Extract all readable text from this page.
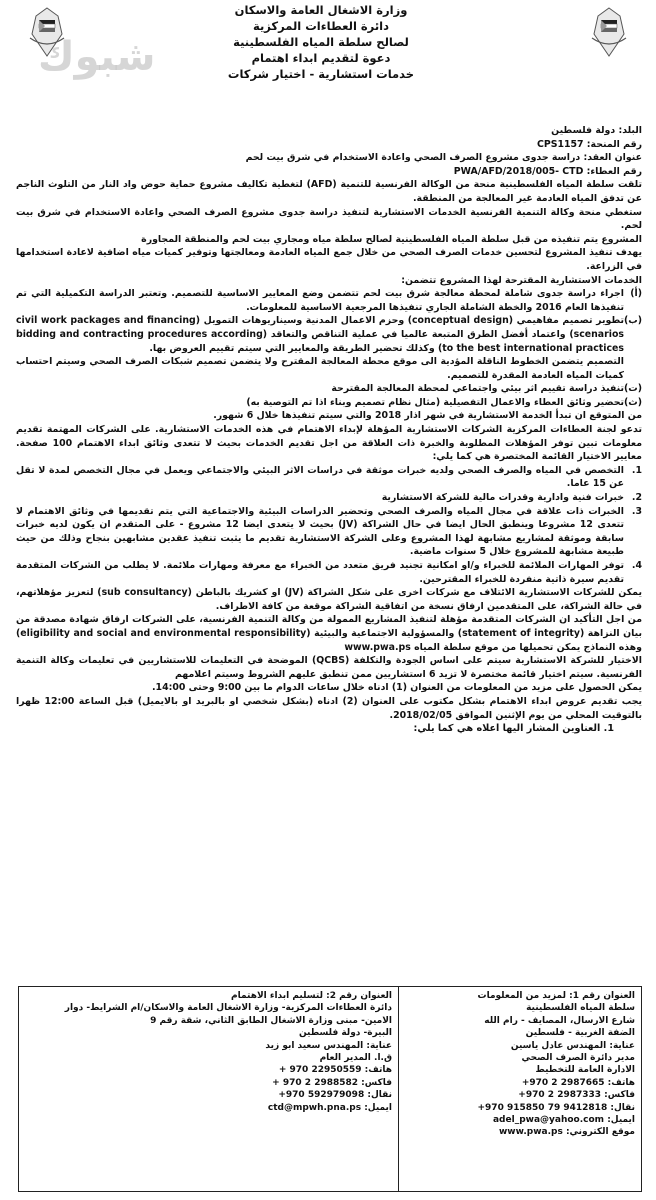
شبوك
وزارة الاشغال العامة والاسكان
دائرة العطاءات المركزية
لصالح سلطة المياه الفلسطينية
دعوة لتقديم ابداء اهتمام
خدمات استشارية - اختيار شركات

البلد: دولة فلسطين

رقم المنحة: CPS1157

عنوان العقد: دراسة جدوى مشروع الصرف الصحي واعادة الاستخدام في شرق بيت لحم

رقم العطاء: PWA/AFD/2018/005- CTD

تلقت سلطة المياه الفلسطينية منحة من الوكالة الفرنسية للتنمية (AFD) لتغطية تكاليف مشروع حماية حوض واد النار من التلوث الناجم عن تدفق المياه العادمة غير المعالجة من المنطقة.

ستغطي منحة وكالة التنمية الفرنسية الخدمات الاستشارية لتنفيذ دراسة جدوى مشروع الصرف الصحي واعادة الاستخدام في شرق بيت لحم.

المشروع يتم تنفيذه من قبل سلطة المياه الفلسطينية لصالح سلطة مياه ومجاري بيت لحم والمنطقة المجاورة

يهدف تنفيذ المشروع لتحسين خدمات الصرف الصحي من خلال جمع المياه العادمة ومعالجتها وتوفير كميات مياه اضافية لاعادة استخدامها في الزراعة.

الخدمات الاستشارية المقترحة لهذا المشروع تتضمن:

(أ)
اجراء دراسة جدوى شاملة لمحطة معالجة شرق بيت لحم تتضمن وضع المعايير الاساسية للتصميم. وتعتبر الدراسة التكميلية التي تم تنفيذها العام 2016 والخطة الشاملة الجاري تنفيذها المرجعية الاساسية للمعلومات.
(ب)
تطوير تصميم مفاهيمي (conceptual design) وحزم الاعمال المدنية وسيناريوهات التمويل (civil work packages and financing scenarios) واعتماد أفضل الطرق المتبعة عالميا في عملية التناقص والتعاقد (bidding and contracting procedures according to the best international practices) وكذلك تحضير الطريقة والمعايير التي سيتم تقييم العروض بها.
التصميم يتضمن الخطوط الناقلة المؤدية الى موقع محطة المعالجة المقترح ولا يتضمن تصميم شبكات الصرف الصحي وسيتم احتساب كميات المياه العادمة المقدرة للتصميم.
(ت)
تنفيذ دراسة تقييم اثر بيئي واجتماعي لمحطة المعالجة المقترحة
(ث)
تحضير وثائق العطاء والاعمال التفصيلية (مثال نظام تصميم وبناء اذا تم التوصية به)

من المتوقع ان تبدأ الخدمة الاستشارية في شهر اذار 2018 والتي سيتم تنفيذها خلال 6 شهور.

تدعو لجنة العطاءات المركزية الشركات الاستشارية المؤهلة لإبداء الاهتمام في هذه الخدمات الاستشارية. على الشركات المهتمة تقديم معلومات تبين توفر المؤهلات المطلوبة والخبرة ذات العلاقة من اجل تقديم الخدمات بحيث لا تتعدى وثائق ابداء الاهتمام 100 صفحة. معايير الاختيار القائمة المختصرة هي كما يلي:

1.
التخصص في المياه والصرف الصحي ولديه خبرات موثقة في دراسات الاثر البيئي والاجتماعي ويعمل في مجال التخصص لمدة لا تقل عن 15 عاما.
2.
خبرات فنية وادارية وقدرات مالية للشركة الاستشارية
3.
الخبرات ذات علاقة في مجال المياه والصرف الصحي وتحضير الدراسات البيئية والاجتماعية التي يتم تقديمها في وثائق الاهتمام لا تتعدى 12 مشروعا وينطبق الحال ايضا في حال الشراكة (JV) بحيث لا يتعدى ايضا 12 مشروع - على المتقدم ان يكون لديه خبرات سابقة وموثقة لمشاريع مشابهة لهذا المشروع وعلى الشركة الاستشارية تقديم ما يثبت تنفيذ عقدين مشابهين بنجاح وذلك من حيث طبيعة مشابهة للمشروع خلال 5 سنوات ماضية.
4.
توفر المهارات الملائمة للخبراء و/او امكانية تجنيد فريق متعدد من الخبراء مع معرفة ومهارات ملائمة. لا يطلب من الشركات المتقدمة تقديم سيرة ذاتية منفردة للخبراء المقترحين.

يمكن للشركات الاستشارية الائتلاف مع شركات اخرى على شكل الشراكة (JV) او كشريك بالباطن (sub consultancy) لتعزيز مؤهلاتهم، في حالة الشراكة، على المتقدمين ارفاق نسخة من اتفاقية الشراكة موقعة من كافة الاطراف.

من اجل التأكيد ان الشركات المتقدمة مؤهلة لتنفيذ المشاريع الممولة من وكالة التنمية الفرنسية، على الشركات ارفاق شهادة مصدقة من بيان النزاهة (statement of integrity) والمسؤولية الاجتماعية والبيئية (eligibility and social and environmental responsibility) وهذه النماذج يمكن تحميلها من موقع سلطة المياه www.pwa.ps

الاختيار للشركة الاستشارية سيتم على اساس الجودة والتكلفة (QCBS) الموضحة في التعليمات للاستشاريين في تعليمات وكالة التنمية الفرنسية. سيتم اختيار قائمة مختصرة لا تزيد 6 استشاريين ممن تنطبق عليهم الشروط وسيتم اعلامهم

يمكن الحصول على مزيد من المعلومات من العنوان (1) ادناه خلال ساعات الدوام ما بين 9:00 وحتى 14:00.

يجب تقديم عروض ابداء الاهتمام بشكل مكتوب على العنوان (2) ادناه (بشكل شخصي او بالبريد او بالايميل) قبل الساعة 12:00 ظهرا بالتوقيت المحلي من يوم الإثنين الموافق 2018/02/05.

1. العناوين المشار اليها اعلاه هي كما يلي:

العنوان رقم 1: لمزيد من المعلومات
سلطة المياه الفلسطينية
شارع الارسال، المصايف - رام الله
الضفة الغربية - فلسطين
عناية: المهندس عادل ياسين
مدير دائرة الصرف الصحي
الادارة العامة للتخطيط
هاتف: 2987665 2 970+
فاكس: 2987333 2 970+
نقال: 9412818 79 915850 970+
ايميل: adel_pwa@yahoo.com
موقع الكتروني: www.pwa.ps
العنوان رقم 2: لتسليم ابداء الاهتمام
دائرة العطاءات المركزية- وزارة الاشغال العامة والاسكان/ام الشرايط- دوار
الامين- مبنى وزارة الاشغال الطابق الثاني، شقة رقم 9
البيرة- دولة فلسطين
عناية: المهندس سعيد ابو زيد
ق.ا. المدير العام
هاتف: 22950559 970 +
فاكس: 2988582 2 970 +
نقال: 592979098 970+
ايميل: ctd@mpwh.pna.ps
